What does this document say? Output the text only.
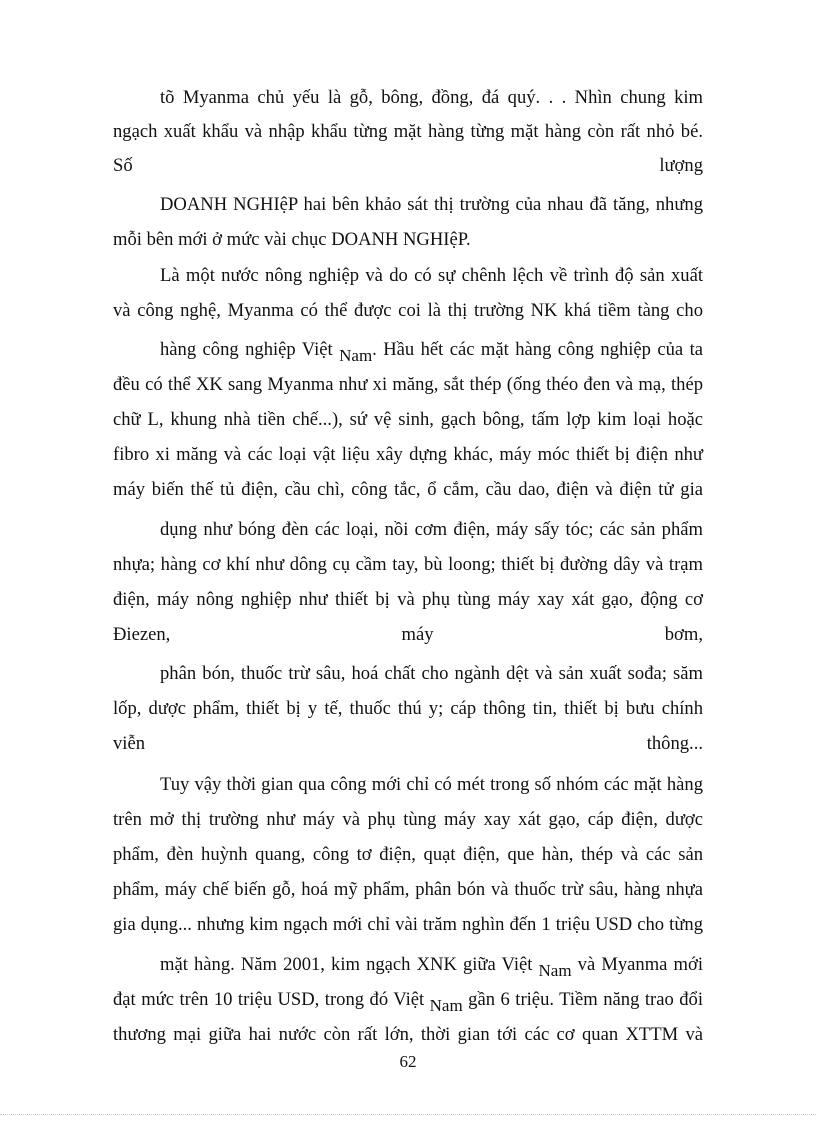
tõ Myanma chủ yếu là gỗ, bông, đồng, đá quý. . . Nhìn chung kim
ngạch xuất khẩu và nhập khẩu từng mặt hàng từng mặt hàng còn rất nhỏ bé.
Số lượng
DOANH NGHIệP hai bên khảo sát thị trường của nhau đã tăng, nhưng
mỗi bên mới ở mức vài chục DOANH NGHIệP.
Là một nước nông nghiệp và do có sự chênh lệch về trình độ sản xuất
và công nghệ, Myanma có thể được coi là thị trường NK khá tiềm tàng cho
hàng công nghiệp Việt Nam. Hầu hết các mặt hàng công nghiệp của ta
đều có thể XK sang Myanma như xi măng, sắt thép (ống théo đen và mạ, thép
chữ L, khung nhà tiền chế...), sứ vệ sinh, gạch bông, tấm lợp kim loại hoặc
fibro xi măng và các loại vật liệu xây dựng khác, máy móc thiết bị điện như
máy biến thế tủ điện, cầu chì, công tắc, ổ cắm, cầu dao, điện và điện tử gia
dụng như bóng đèn các loại, nồi cơm điện, máy sấy tóc; các sản phẩm
nhựa; hàng cơ khí như dông cụ cầm tay, bù loong; thiết bị đường dây và trạm
điện, máy nông nghiệp như thiết bị và phụ tùng máy xay xát gạo, động cơ
Điezen, máy bơm,
phân bón, thuốc trừ sâu, hoá chất cho ngành dệt và sản xuất sođa; săm
lốp, dược phẩm, thiết bị y tế, thuốc thú y; cáp thông tin, thiết bị bưu chính
viễn thông...
Tuy vậy thời gian qua công mới chỉ có mét trong số nhóm các mặt hàng
trên mở thị trường như máy và phụ tùng máy xay xát gạo, cáp điện, dược
phẩm, đèn huỳnh quang, công tơ điện, quạt điện, que hàn, thép và các sản
phẩm, máy chế biến gỗ, hoá mỹ phẩm, phân bón và thuốc trừ sâu, hàng nhựa
gia dụng... nhưng kim ngạch mới chỉ vài trăm nghìn đến 1 triệu USD cho từng
mặt hàng. Năm 2001, kim ngạch XNK giữa Việt Nam và Myanma mới
đạt mức trên 10 triệu USD, trong đó Việt Nam gần 6 triệu. Tiềm năng trao đổi
thương mại giữa hai nước còn rất lớn, thời gian tới các cơ quan XTTM và
62
